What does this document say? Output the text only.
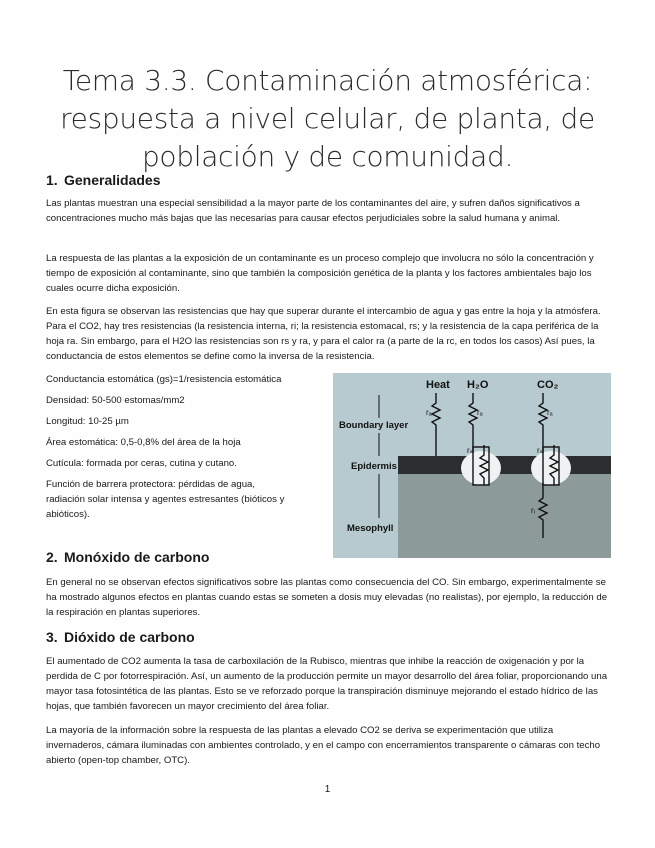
Tema 3.3. Contaminación atmosférica:
respuesta a nivel celular, de planta, de
población y de comunidad.
1. Generalidades
Las plantas muestran una especial sensibilidad a la mayor parte de los contaminantes del aire, y sufren daños significativos a concentraciones mucho más bajas que las necesarias para causar efectos perjudiciales sobre la salud humana y animal.
La respuesta de las plantas a la exposición de un contaminante es un proceso complejo que involucra no sólo la concentración y tiempo de exposición al contaminante, sino que también la composición genética de la planta y los factores ambientales bajo los cuales ocurre dicha exposición.
En esta figura se observan las resistencias que hay que superar durante el intercambio de agua y gas entre la hoja y la atmósfera. Para el CO2, hay tres resistencias (la resistencia interna, ri; la resistencia estomacal, rs; y la resistencia de la capa periférica de la hoja ra. Sin embargo, para el H2O las resistencias son rs y ra, y para el calor ra (a parte de la rc, en todos los casos) Así pues, la conductancia de estos elementos se define como la inversa de la resistencia.
Conductancia estomática (gs)=1/resistencia estomática
Densidad: 50-500 estomas/mm2
Longitud: 10-25 µm
Área estomática: 0,5-0,8% del área de la hoja
Cutícula: formada por ceras, cutina y cutano.
Función de barrera protectora: pérdidas de agua, radiación solar intensa y agentes estresantes (bióticos y abióticos).
Heat H₂O	CO₂
Boundary layer
Epidermis
Mesophyll
rₐ	rₐ	rₐ
rₛ	rₛ
rᵢ
2. Monóxido de carbono
En general no se observan efectos significativos sobre las plantas como consecuencia del CO. Sin embargo, experimentalmente se ha mostrado algunos efectos en plantas cuando estas se someten a dosis muy elevadas (no realistas), por ejemplo, la reducción de la respiración en plantas superiores.
3. Dióxido de carbono
El aumentado de CO2 aumenta la tasa de carboxilación de la Rubisco, mientras que inhibe la reacción de oxigenación y por la perdida de C por fotorrespiración. Así, un aumento de la producción permite un mayor desarrollo del área foliar, proporcionando una mayor tasa fotosintética de las plantas. Esto se ve reforzado porque la transpiración disminuye mejorando el estado hídrico de las hojas, que también favorecen un mayor crecimiento del área foliar.
La mayoría de la información sobre la respuesta de las plantas a elevado CO2 se deriva se experimentación que utiliza invernaderos, cámara iluminadas con ambientes controlado, y en el campo con encerramientos transparente o cámaras con techo abierto (open-top chamber, OTC).
1
